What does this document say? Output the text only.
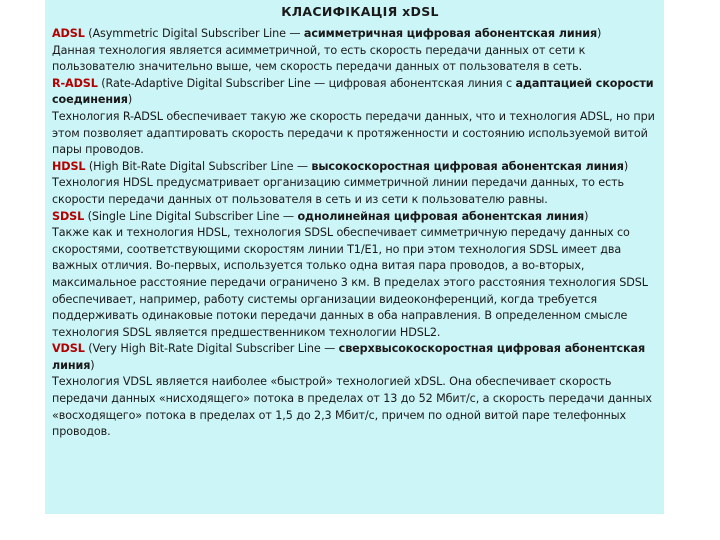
КЛАСИФІКАЦІЯ xDSL

ADSL (Asymmetric Digital Subscriber Line — асимметричная цифровая абонентская линия)

Данная технология является асимметричной, то есть скорость передачи данных от сети к пользователю значительно выше, чем скорость передачи данных от пользователя в сеть.

R-ADSL (Rate-Adaptive Digital Subscriber Line — цифровая абонентская линия с адаптацией скорости соединения)

Технология R-ADSL обеспечивает такую же скорость передачи данных, что и технология ADSL, но при этом позволяет адаптировать скорость передачи к протяженности и состоянию используемой витой пары проводов.

HDSL (High Bit-Rate Digital Subscriber Line — высокоскоростная цифровая абонентская линия)

Технология HDSL предусматривает организацию симметричной линии передачи данных, то есть скорости передачи данных от пользователя в сеть и из сети к пользователю равны.

SDSL (Single Line Digital Subscriber Line — однолинейная цифровая абонентская линия)

Также как и технология HDSL, технология SDSL обеспечивает симметричную передачу данных со скоростями, соответствующими скоростям линии Т1/Е1, но при этом технология SDSL имеет два важных отличия. Во-первых, используется только одна витая пара проводов, а во-вторых, максимальное расстояние передачи ограничено 3 км. В пределах этого расстояния технология SDSL обеспечивает, например, работу системы организации видеоконференций, когда требуется поддерживать одинаковые потоки передачи данных в оба направления. В определенном смысле технология SDSL является предшественником технологии HDSL2.

VDSL (Very High Bit-Rate Digital Subscriber Line — сверхвысокоскоростная цифровая абонентская линия)

Технология VDSL является наиболее «быстрой» технологией xDSL. Она обеспечивает скорость передачи данных «нисходящего» потока в пределах от 13 до 52 Мбит/с, а скорость передачи данных «восходящего» потока в пределах от 1,5 до 2,3 Мбит/с, причем по одной витой паре телефонных проводов.
